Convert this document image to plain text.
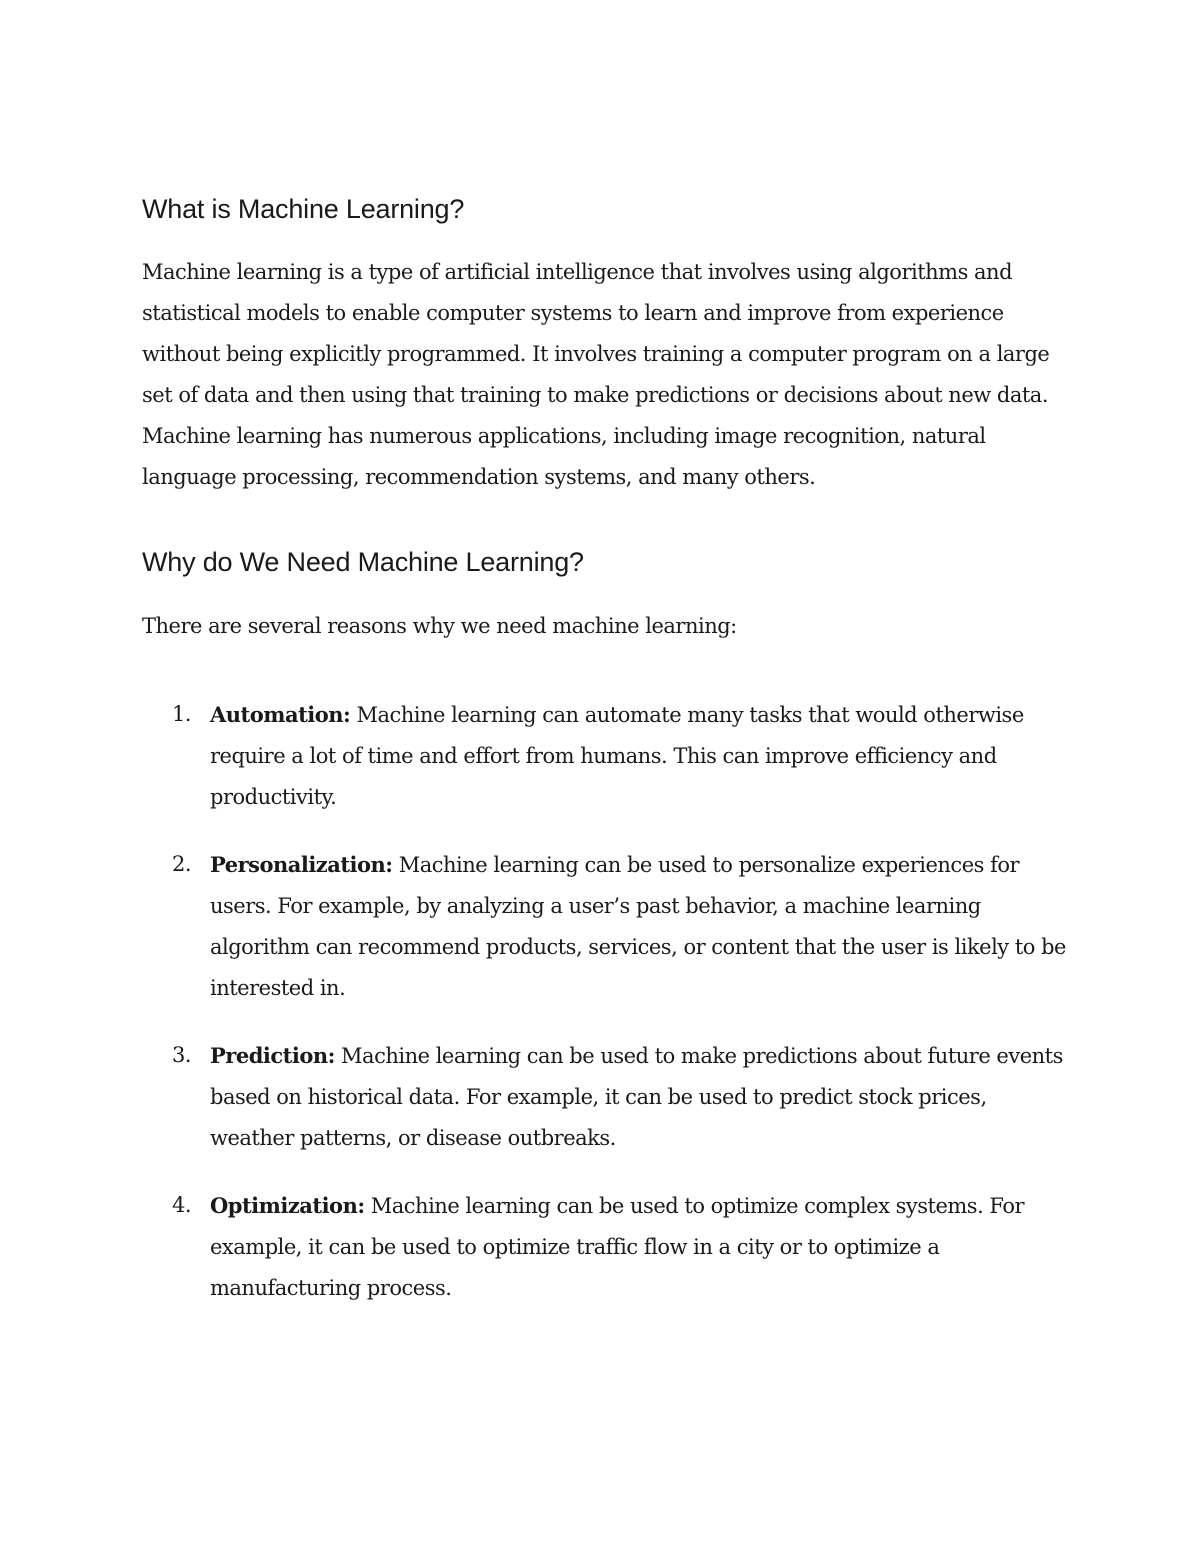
What is Machine Learning?

Machine learning is a type of artificial intelligence that involves using algorithms and statistical models to enable computer systems to learn and improve from experience without being explicitly programmed. It involves training a computer program on a large set of data and then using that training to make predictions or decisions about new data. Machine learning has numerous applications, including image recognition, natural language processing, recommendation systems, and many others.

Why do We Need Machine Learning?

There are several reasons why we need machine learning:

1. Automation: Machine learning can automate many tasks that would otherwise require a lot of time and effort from humans. This can improve efficiency and productivity.
2. Personalization: Machine learning can be used to personalize experiences for users. For example, by analyzing a user’s past behavior, a machine learning algorithm can recommend products, services, or content that the user is likely to be interested in.
3. Prediction: Machine learning can be used to make predictions about future events based on historical data. For example, it can be used to predict stock prices, weather patterns, or disease outbreaks.
4. Optimization: Machine learning can be used to optimize complex systems. For example, it can be used to optimize traffic flow in a city or to optimize a manufacturing process.
